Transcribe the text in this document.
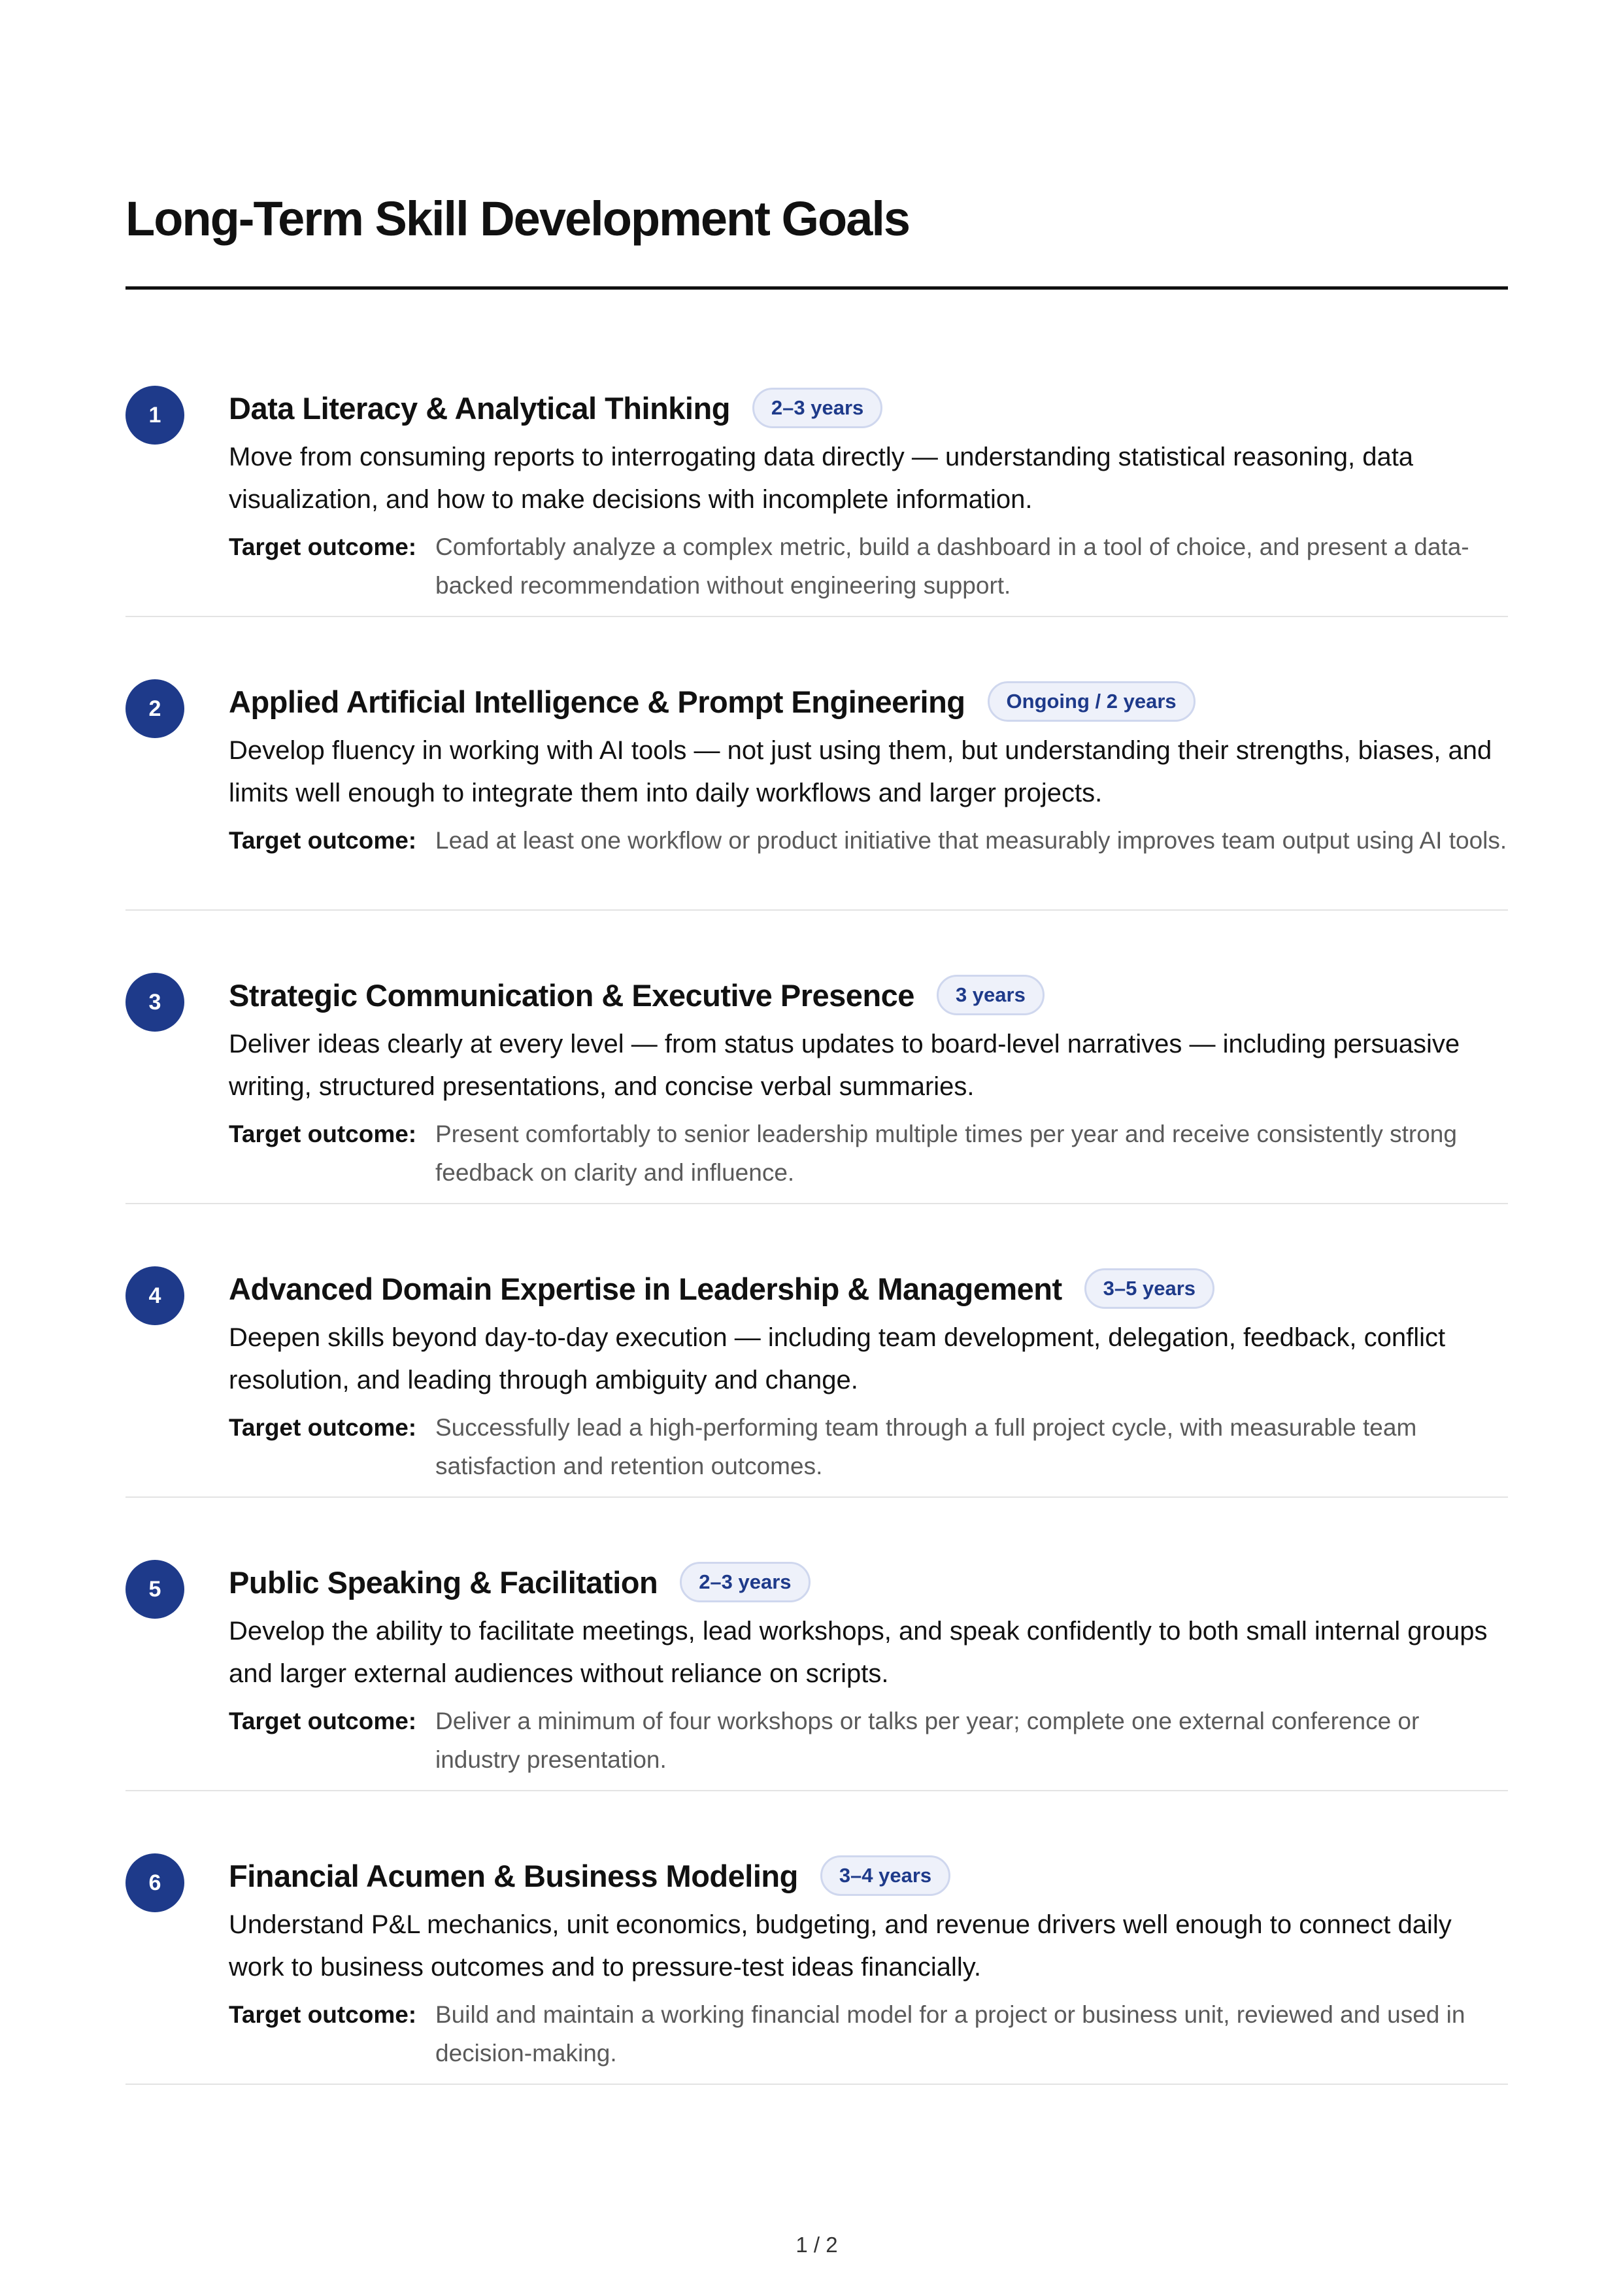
Long-Term Skill Development Goals
1	Data Literacy & Analytical Thinking	2–3 years
Move from consuming reports to interrogating data directly — understanding statistical reasoning, data visualization, and how to make decisions with incomplete information.
Target outcome: Comfortably analyze a complex metric, build a dashboard in a tool of choice, and present a data-backed recommendation without engineering support.
2	Applied Artificial Intelligence & Prompt Engineering	Ongoing / 2 years
Develop fluency in working with AI tools — not just using them, but understanding their strengths, biases, and limits well enough to integrate them into daily workflows and larger projects.
Target outcome: Lead at least one workflow or product initiative that measurably improves team output using AI tools.
3	Strategic Communication & Executive Presence	3 years
Deliver ideas clearly at every level — from status updates to board-level narratives — including persuasive writing, structured presentations, and concise verbal summaries.
Target outcome: Present comfortably to senior leadership multiple times per year and receive consistently strong feedback on clarity and influence.
4	Advanced Domain Expertise in Leadership & Management	3–5 years
Deepen skills beyond day-to-day execution — including team development, delegation, feedback, conflict resolution, and leading through ambiguity and change.
Target outcome: Successfully lead a high-performing team through a full project cycle, with measurable team satisfaction and retention outcomes.
5	Public Speaking & Facilitation	2–3 years
Develop the ability to facilitate meetings, lead workshops, and speak confidently to both small internal groups and larger external audiences without reliance on scripts.
Target outcome: Deliver a minimum of four workshops or talks per year; complete one external conference or industry presentation.
6	Financial Acumen & Business Modeling	3–4 years
Understand P&L mechanics, unit economics, budgeting, and revenue drivers well enough to connect daily work to business outcomes and to pressure-test ideas financially.
Target outcome: Build and maintain a working financial model for a project or business unit, reviewed and used in decision-making.
1 / 2
